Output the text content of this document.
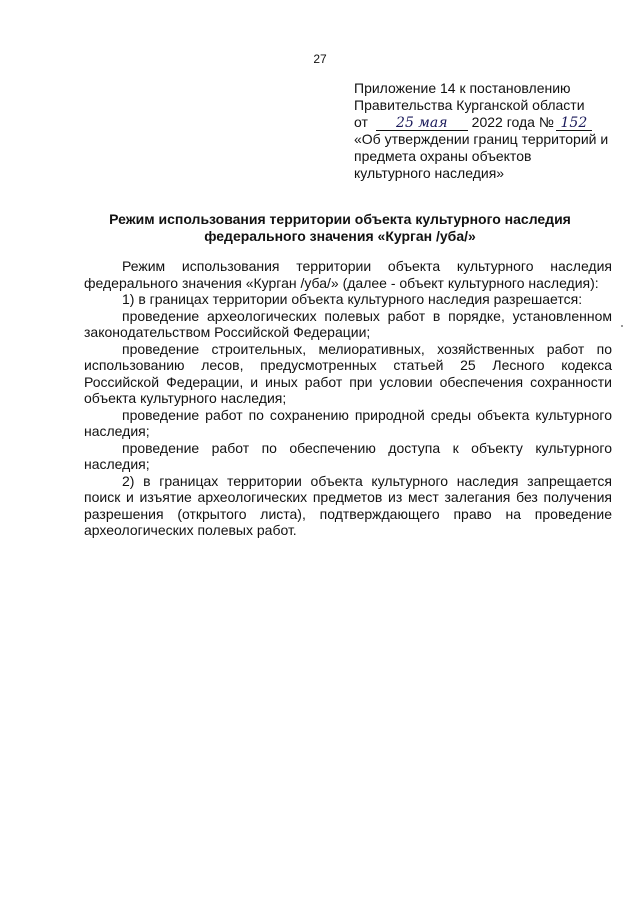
27
Приложение 14 к постановлению
Правительства Курганской области
от 25 мая 2022 года № 152
«Об утверждении границ территорий и
предмета охраны объектов
культурного наследия»
Режим использования территории объекта культурного наследия
федерального значения «Курган /уба/»

Режим использования территории объекта культурного наследия федерального значения «Курган /уба/» (далее - объект культурного наследия):

1) в границах территории объекта культурного наследия разрешается:

проведение археологических полевых работ в порядке, установленном законодательством Российской Федерации;

проведение строительных, мелиоративных, хозяйственных работ по использованию лесов, предусмотренных статьей 25 Лесного кодекса Российской Федерации, и иных работ при условии обеспечения сохранности объекта культурного наследия;

проведение работ по сохранению природной среды объекта культурного наследия;

проведение работ по обеспечению доступа к объекту культурного наследия;

2) в границах территории объекта культурного наследия запрещается поиск и изъятие археологических предметов из мест залегания без получения разрешения (открытого листа), подтверждающего право на проведение археологических полевых работ.
